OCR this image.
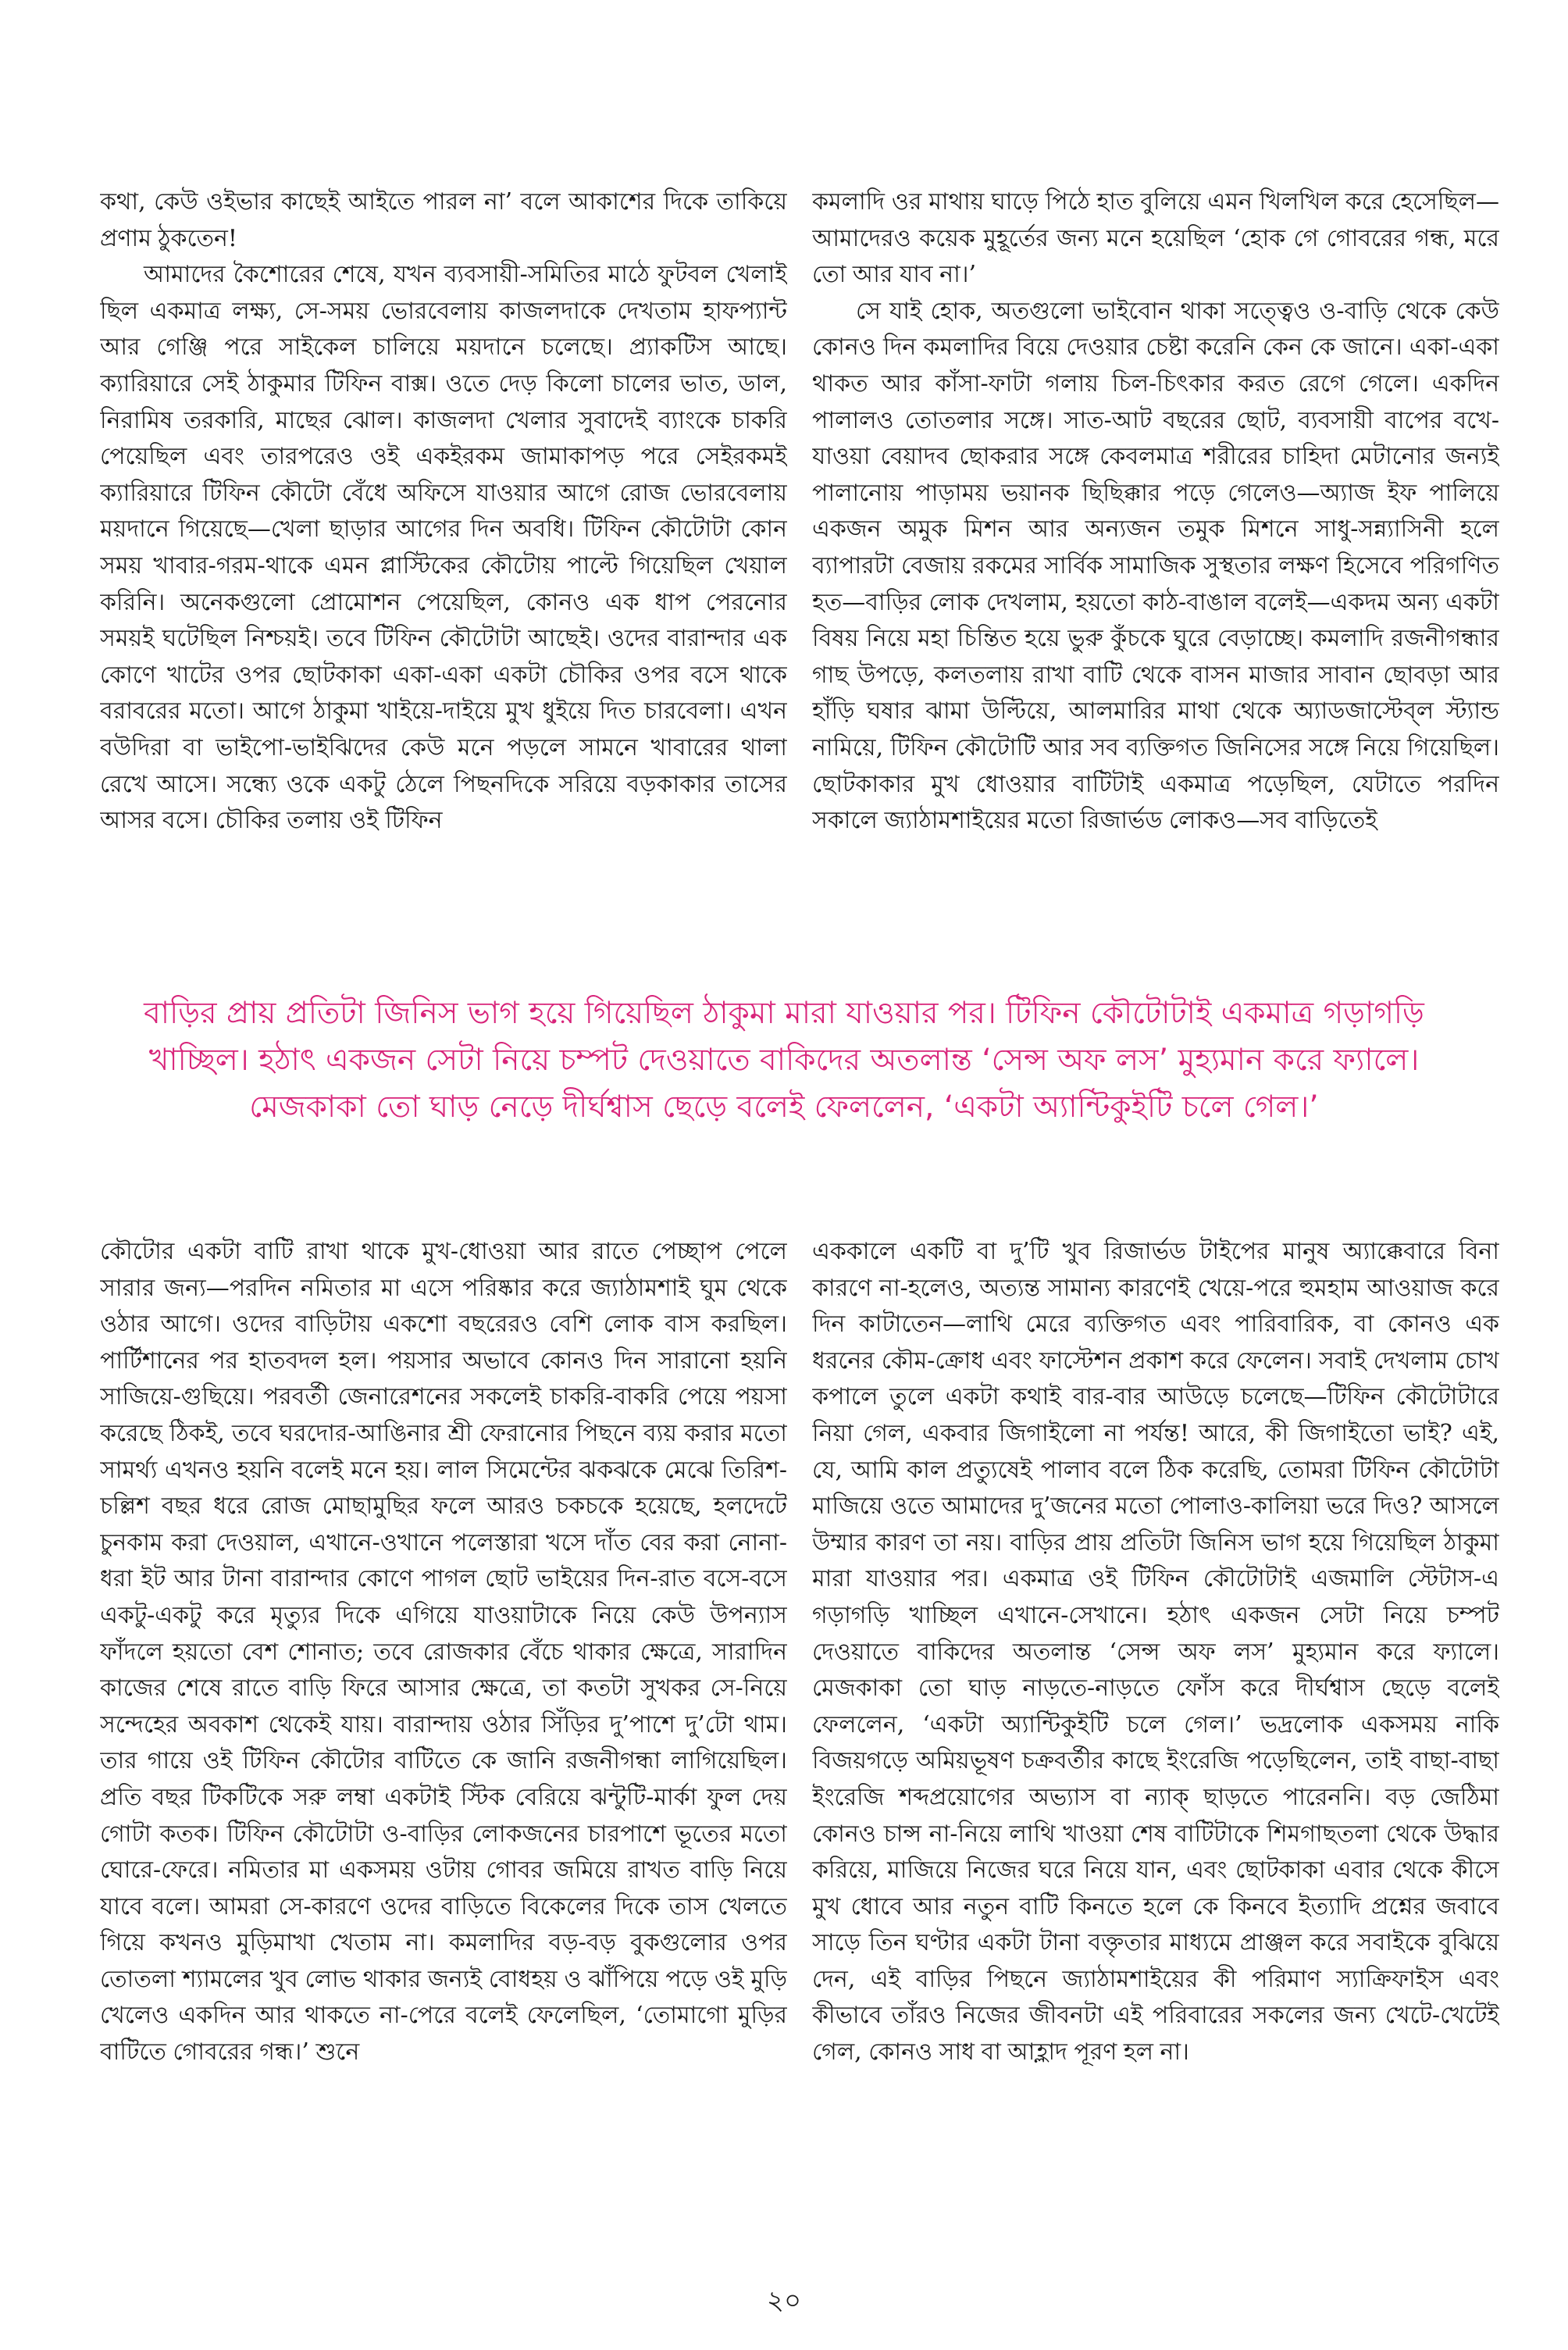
কথা, কেউ ওইভার কাছেই আইতে পারল না’ বলে আকাশের দিকে তাকিয়ে প্রণাম ঠুকতেন!

আমাদের কৈশোরের শেষে, যখন ব্যবসায়ী-সমিতির মাঠে ফুটবল খেলাই ছিল একমাত্র লক্ষ্য, সে-সময় ভোরবেলায় কাজলদাকে দেখতাম হাফপ্যান্ট আর গেঞ্জি পরে সাইকেল চালিয়ে ময়দানে চলেছে। প্র্যাকটিস আছে। ক্যারিয়ারে সেই ঠাকুমার টিফিন বাক্স। ওতে দেড় কিলো চালের ভাত, ডাল, নিরামিষ তরকারি, মাছের ঝোল। কাজলদা খেলার সুবাদেই ব্যাংকে চাকরি পেয়েছিল এবং তারপরেও ওই একইরকম জামাকাপড় পরে সেইরকমই ক্যারিয়ারে টিফিন কৌটো বেঁধে অফিসে যাওয়ার আগে রোজ ভোরবেলায় ময়দানে গিয়েছে—খেলা ছাড়ার আগের দিন অবধি। টিফিন কৌটোটা কোন সময় খাবার-গরম-থাকে এমন প্লাস্টিকের কৌটোয় পাল্টে গিয়েছিল খেয়াল করিনি। অনেকগুলো প্রোমোশন পেয়েছিল, কোনও এক ধাপ পেরনোর সময়ই ঘটেছিল নিশ্চয়ই। তবে টিফিন কৌটোটা আছেই। ওদের বারান্দার এক কোণে খাটের ওপর ছোটকাকা একা-একা একটা চৌকির ওপর বসে থাকে বরাবরের মতো। আগে ঠাকুমা খাইয়ে-দাইয়ে মুখ ধুইয়ে দিত চারবেলা। এখন বউদিরা বা ভাইপো-ভাইঝিদের কেউ মনে পড়লে সামনে খাবারের থালা রেখে আসে। সন্ধ্যে ওকে একটু ঠেলে পিছনদিকে সরিয়ে বড়কাকার তাসের আসর বসে। চৌকির তলায় ওই টিফিন

কমলাদি ওর মাথায় ঘাড়ে পিঠে হাত বুলিয়ে এমন খিলখিল করে হেসেছিল—আমাদেরও কয়েক মুহূর্তের জন্য মনে হয়েছিল ‘হোক গে গোবরের গন্ধ, মরে তো আর যাব না।’

সে যাই হোক, অতগুলো ভাইবোন থাকা সত্ত্বেও ও-বাড়ি থেকে কেউ কোনও দিন কমলাদির বিয়ে দেওয়ার চেষ্টা করেনি কেন কে জানে। একা-একা থাকত আর কাঁসা-ফাটা গলায় চিল-চিৎকার করত রেগে গেলে। একদিন পালালও তোতলার সঙ্গে। সাত-আট বছরের ছোট, ব্যবসায়ী বাপের বখে-যাওয়া বেয়াদব ছোকরার সঙ্গে কেবলমাত্র শরীরের চাহিদা মেটানোর জন্যই পালানোয় পাড়াময় ভয়ানক ছিছিক্কার পড়ে গেলেও—অ্যাজ ইফ পালিয়ে একজন অমুক মিশন আর অন্যজন তমুক মিশনে সাধু-সন্ন্যাসিনী হলে ব্যাপারটা বেজায় রকমের সার্বিক সামাজিক সুস্থতার লক্ষণ হিসেবে পরিগণিত হত—বাড়ির লোক দেখলাম, হয়তো কাঠ-বাঙাল বলেই—একদম অন্য একটা বিষয় নিয়ে মহা চিন্তিত হয়ে ভুরু কুঁচকে ঘুরে বেড়াচ্ছে। কমলাদি রজনীগন্ধার গাছ উপড়ে, কলতলায় রাখা বাটি থেকে বাসন মাজার সাবান ছোবড়া আর হাঁড়ি ঘষার ঝামা উল্টিয়ে, আলমারির মাথা থেকে অ্যাডজাস্টেব্‌ল স্ট্যান্ড নামিয়ে, টিফিন কৌটোটি আর সব ব্যক্তিগত জিনিসের সঙ্গে নিয়ে গিয়েছিল। ছোটকাকার মুখ ধোওয়ার বাটিটাই একমাত্র পড়েছিল, যেটাতে পরদিন সকালে জ্যাঠামশাইয়ের মতো রিজার্ভড লোকও—সব বাড়িতেই

বাড়ির প্রায় প্রতিটা জিনিস ভাগ হয়ে গিয়েছিল ঠাকুমা মারা যাওয়ার পর। টিফিন কৌটোটাই একমাত্র গড়াগড়ি

খাচ্ছিল। হঠাৎ একজন সেটা নিয়ে চম্পট দেওয়াতে বাকিদের অতলান্ত ‘সেন্স অফ লস’ মুহ্যমান করে ফ্যালে।

মেজকাকা তো ঘাড় নেড়ে দীর্ঘশ্বাস ছেড়ে বলেই ফেললেন, ‘একটা অ্যান্টিকুইটি চলে গেল।’

কৌটোর একটা বাটি রাখা থাকে মুখ-ধোওয়া আর রাতে পেচ্ছাপ পেলে সারার জন্য—পরদিন নমিতার মা এসে পরিষ্কার করে জ্যাঠামশাই ঘুম থেকে ওঠার আগে। ওদের বাড়িটায় একশো বছরেরও বেশি লোক বাস করছিল। পার্টিশানের পর হাতবদল হল। পয়সার অভাবে কোনও দিন সারানো হয়নি সাজিয়ে-গুছিয়ে। পরবর্তী জেনারেশনের সকলেই চাকরি-বাকরি পেয়ে পয়সা করেছে ঠিকই, তবে ঘরদোর-আঙিনার শ্রী ফেরানোর পিছনে ব্যয় করার মতো সামর্থ্য এখনও হয়নি বলেই মনে হয়। লাল সিমেন্টের ঝকঝকে মেঝে তিরিশ-চল্লিশ বছর ধরে রোজ মোছামুছির ফলে আরও চকচকে হয়েছে, হলদেটে চুনকাম করা দেওয়াল, এখানে-ওখানে পলেস্তারা খসে দাঁত বের করা নোনা-ধরা ইট আর টানা বারান্দার কোণে পাগল ছোট ভাইয়ের দিন-রাত বসে-বসে একটু-একটু করে মৃত্যুর দিকে এগিয়ে যাওয়াটাকে নিয়ে কেউ উপন্যাস ফাঁদলে হয়তো বেশ শোনাত; তবে রোজকার বেঁচে থাকার ক্ষেত্রে, সারাদিন কাজের শেষে রাতে বাড়ি ফিরে আসার ক্ষেত্রে, তা কতটা সুখকর সে-নিয়ে সন্দেহের অবকাশ থেকেই যায়। বারান্দায় ওঠার সিঁড়ির দু’পাশে দু’টো থাম। তার গায়ে ওই টিফিন কৌটোর বাটিতে কে জানি রজনীগন্ধা লাগিয়েছিল। প্রতি বছর টিকটিকে সরু লম্বা একটাই স্টিক বেরিয়ে ঝন্টুটি-মার্কা ফুল দেয় গোটা কতক। টিফিন কৌটোটা ও-বাড়ির লোকজনের চারপাশে ভূতের মতো ঘোরে-ফেরে। নমিতার মা একসময় ওটায় গোবর জমিয়ে রাখত বাড়ি নিয়ে যাবে বলে। আমরা সে-কারণে ওদের বাড়িতে বিকেলের দিকে তাস খেলতে গিয়ে কখনও মুড়িমাখা খেতাম না। কমলাদির বড়-বড় বুকগুলোর ওপর তোতলা শ্যামলের খুব লোভ থাকার জন্যই বোধহয় ও ঝাঁপিয়ে পড়ে ওই মুড়ি খেলেও একদিন আর থাকতে না-পেরে বলেই ফেলেছিল, ‘তোমাগো মুড়ির বাটিতে গোবরের গন্ধ।’ শুনে

এককালে একটি বা দু’টি খুব রিজার্ভড টাইপের মানুষ অ্যাক্কেবারে বিনা কারণে না-হলেও, অত্যন্ত সামান্য কারণেই খেয়ে-পরে হুমহাম আওয়াজ করে দিন কাটাতেন—লাথি মেরে ব্যক্তিগত এবং পারিবারিক, বা কোনও এক ধরনের কৌম-ক্রোধ এবং ফাস্টেশন প্রকাশ করে ফেলেন। সবাই দেখলাম চোখ কপালে তুলে একটা কথাই বার-বার আউড়ে চলেছে—টিফিন কৌটোটারে নিয়া গেল, একবার জিগাইলো না পর্যন্ত! আরে, কী জিগাইতো ভাই? এই, যে, আমি কাল প্রত্যুষেই পালাব বলে ঠিক করেছি, তোমরা টিফিন কৌটোটা মাজিয়ে ওতে আমাদের দু’জনের মতো পোলাও-কালিয়া ভরে দিও? আসলে উম্মার কারণ তা নয়। বাড়ির প্রায় প্রতিটা জিনিস ভাগ হয়ে গিয়েছিল ঠাকুমা মারা যাওয়ার পর। একমাত্র ওই টিফিন কৌটোটাই এজমালি স্টেটাস-এ গড়াগড়ি খাচ্ছিল এখানে-সেখানে। হঠাৎ একজন সেটা নিয়ে চম্পট দেওয়াতে বাকিদের অতলান্ত ‘সেন্স অফ লস’ মুহ্যমান করে ফ্যালে। মেজকাকা তো ঘাড় নাড়তে-নাড়তে ফোঁস করে দীর্ঘশ্বাস ছেড়ে বলেই ফেললেন, ‘একটা অ্যান্টিকুইটি চলে গেল।’ ভদ্রলোক একসময় নাকি বিজয়গড়ে অমিয়ভূষণ চক্রবর্তীর কাছে ইংরেজি পড়েছিলেন, তাই বাছা-বাছা ইংরেজি শব্দপ্রয়োগের অভ্যাস বা ন্যাক্‌ ছাড়তে পারেননি। বড় জেঠিমা কোনও চান্স না-নিয়ে লাথি খাওয়া শেষ বাটিটাকে শিমগাছতলা থেকে উদ্ধার করিয়ে, মাজিয়ে নিজের ঘরে নিয়ে যান, এবং ছোটকাকা এবার থেকে কীসে মুখ ধোবে আর নতুন বাটি কিনতে হলে কে কিনবে ইত্যাদি প্রশ্নের জবাবে সাড়ে তিন ঘণ্টার একটা টানা বক্তৃতার মাধ্যমে প্রাঞ্জল করে সবাইকে বুঝিয়ে দেন, এই বাড়ির পিছনে জ্যাঠামশাইয়ের কী পরিমাণ স্যাক্রিফাইস এবং কীভাবে তাঁরও নিজের জীবনটা এই পরিবারের সকলের জন্য খেটে-খেটেই গেল, কোনও সাধ বা আহ্লাদ পূরণ হল না।

২০
